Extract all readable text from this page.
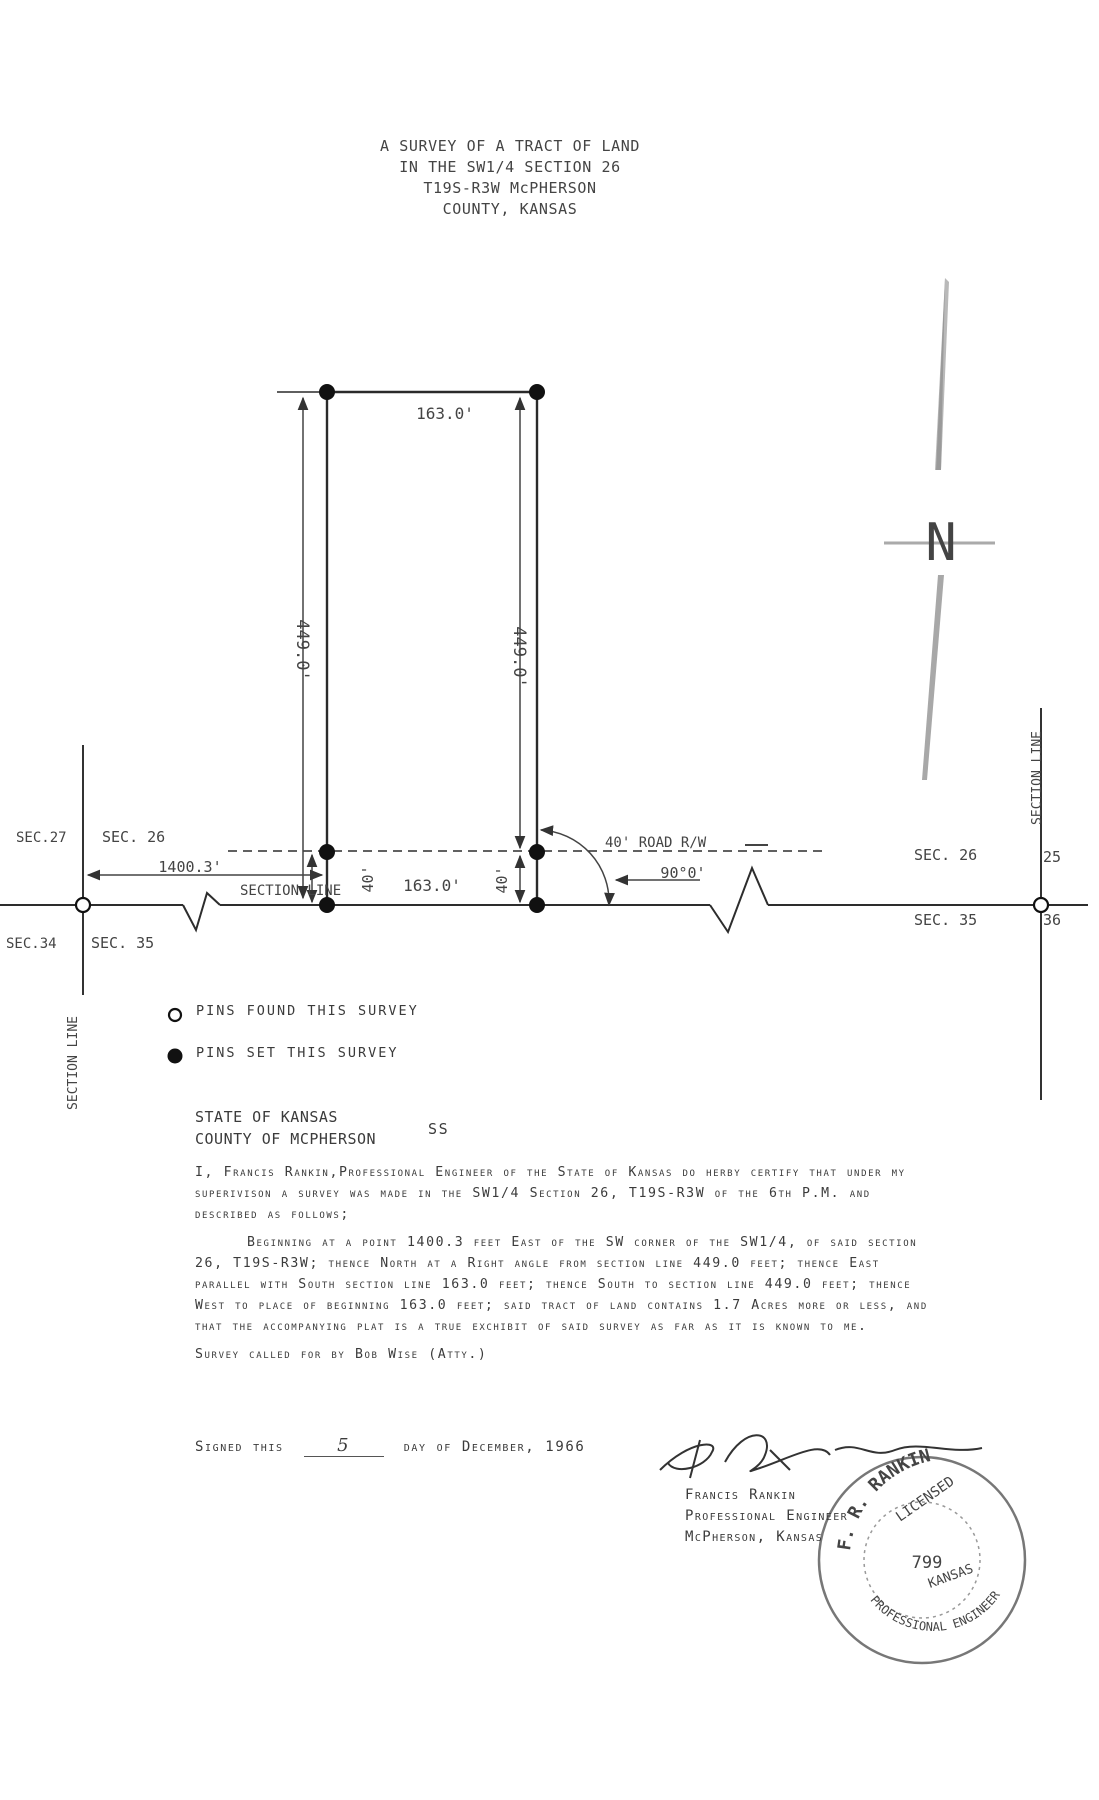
A SURVEY OF A TRACT OF LAND
IN THE SW1/4 SECTION 26
T19S-R3W McPHERSON
COUNTY, KANSAS
N
163.0'
449.0'	449.0'
163.0'
40'	40'
40' ROAD R/W
90°0'
1400.3'
SECTION LINE
SEC.27 SEC. 26
SEC.34 SEC. 35
SEC. 26	25
SEC. 35	36
SECTION LINE
SECTION LINE
F. R. RANKIN
LICENSED
799
KANSAS
PROFESSIONAL ENGINEER
PINS FOUND THIS SURVEY
PINS SET THIS SURVEY
STATE OF KANSAS
COUNTY OF MCPHERSON
SS

I, Francis Rankin,Professional Engineer of the State of Kansas do herby certify that under my superivison a survey was made in the SW1/4 Section 26, T19S-R3W of the 6th P.M. and described as follows;

Beginning at a point 1400.3 feet East of the SW corner of the SW1/4, of said section 26, T19S-R3W; thence North at a Right angle from section line 449.0 feet; thence East parallel with South section line 163.0 feet; thence South to section line 449.0 feet; thence West to place of beginning 163.0 feet; said tract of land contains 1.7 Acres more or less, and that the accompanying plat is a true exchibit of said survey as far as it is known to me.

Survey called for by Bob Wise (Atty.)

Signed this	5	day of December, 1966
Francis Rankin
Professional Engineer
McPherson, Kansas
